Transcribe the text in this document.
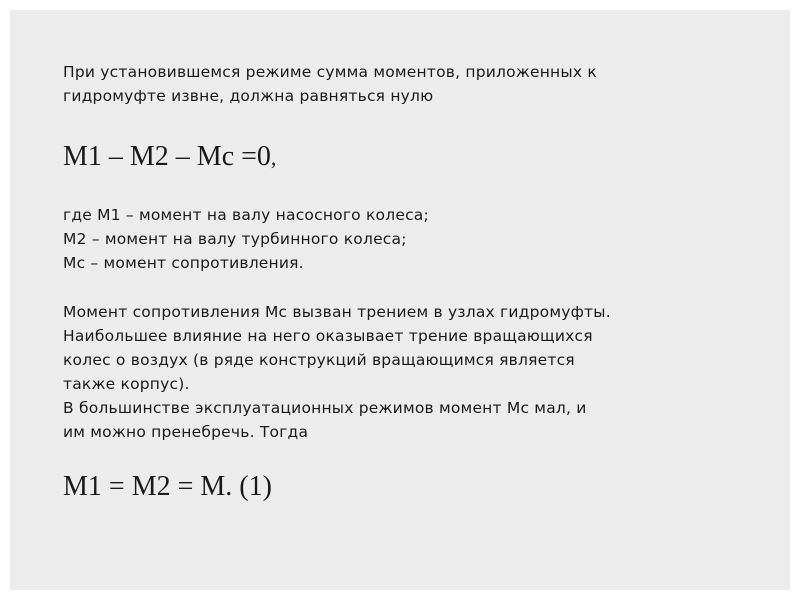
При установившемся режиме сумма моментов, приложенных к
гидромуфте извне, должна равняться нулю

M1 – M2 – Mc =0,

где М1 – момент на валу насосного колеса;
М2 – момент на валу турбинного колеса;
Мс – момент сопротивления.

Момент сопротивления Мс вызван трением в узлах гидромуфты.
Наибольшее влияние на него оказывает трение вращающихся
колес о воздух (в ряде конструкций вращающимся является
также корпус).
В большинстве эксплуатационных режимов момент Мс мал, и
им можно пренебречь. Тогда

M1 = M2 = M. (1)
